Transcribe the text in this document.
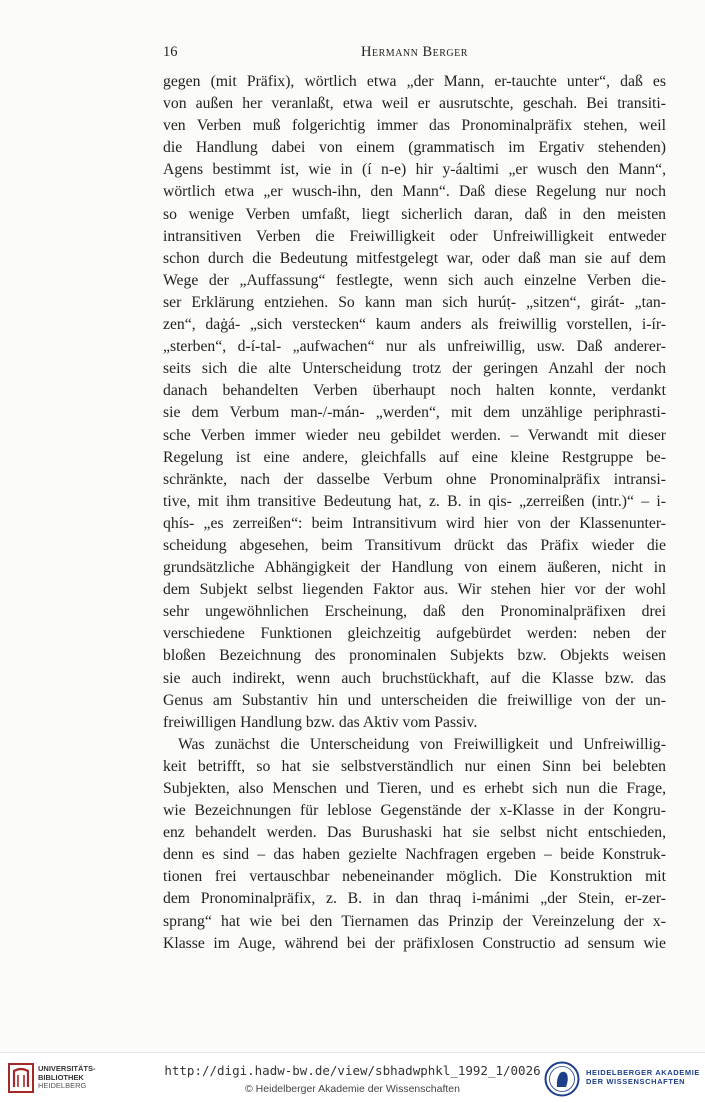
16	Hermann Berger
gegen (mit Präfix), wörtlich etwa „der Mann, er-tauchte unter“, daß es
von außen her veranlaßt, etwa weil er ausrutschte, geschah. Bei transiti-
ven Verben muß folgerichtig immer das Pronominalpräfix stehen, weil
die Handlung dabei von einem (grammatisch im Ergativ stehenden)
Agens bestimmt ist, wie in (í n-e) hir y-áaltimi „er wusch den Mann“,
wörtlich etwa „er wusch-ihn, den Mann“. Daß diese Regelung nur noch
so wenige Verben umfaßt, liegt sicherlich daran, daß in den meisten
intransitiven Verben die Freiwilligkeit oder Unfreiwilligkeit entweder
schon durch die Bedeutung mitfestgelegt war, oder daß man sie auf dem
Wege der „Auffassung“ festlegte, wenn sich auch einzelne Verben die-
ser Erklärung entziehen. So kann man sich hurúṭ- „sitzen“, girát- „tan-
zen“, daġá- „sich verstecken“ kaum anders als freiwillig vorstellen, i-ír-
„sterben“, d-í-tal- „aufwachen“ nur als unfreiwillig, usw. Daß anderer-
seits sich die alte Unterscheidung trotz der geringen Anzahl der noch
danach behandelten Verben überhaupt noch halten konnte, verdankt
sie dem Verbum man-/-mán- „werden“, mit dem unzählige periphrasti-
sche Verben immer wieder neu gebildet werden. – Verwandt mit dieser
Regelung ist eine andere, gleichfalls auf eine kleine Restgruppe be-
schränkte, nach der dasselbe Verbum ohne Pronominalpräfix intransi-
tive, mit ihm transitive Bedeutung hat, z. B. in qis- „zerreißen (intr.)“ – i-
qhís- „es zerreißen“: beim Intransitivum wird hier von der Klassenunter-
scheidung abgesehen, beim Transitivum drückt das Präfix wieder die
grundsätzliche Abhängigkeit der Handlung von einem äußeren, nicht in
dem Subjekt selbst liegenden Faktor aus. Wir stehen hier vor der wohl
sehr ungewöhnlichen Erscheinung, daß den Pronominalpräfixen drei
verschiedene Funktionen gleichzeitig aufgebürdet werden: neben der
bloßen Bezeichnung des pronominalen Subjekts bzw. Objekts weisen
sie auch indirekt, wenn auch bruchstückhaft, auf die Klasse bzw. das
Genus am Substantiv hin und unterscheiden die freiwillige von der un-
freiwilligen Handlung bzw. das Aktiv vom Passiv.
Was zunächst die Unterscheidung von Freiwilligkeit und Unfreiwillig-
keit betrifft, so hat sie selbstverständlich nur einen Sinn bei belebten
Subjekten, also Menschen und Tieren, und es erhebt sich nun die Frage,
wie Bezeichnungen für leblose Gegenstände der x-Klasse in der Kongru-
enz behandelt werden. Das Burushaski hat sie selbst nicht entschieden,
denn es sind – das haben gezielte Nachfragen ergeben – beide Konstruk-
tionen frei vertauschbar nebeneinander möglich. Die Konstruktion mit
dem Pronominalpräfix, z. B. in dan thraq i-mánimi „der Stein, er-zer-
sprang“ hat wie bei den Tiernamen das Prinzip der Vereinzelung der x-
Klasse im Auge, während bei der präfixlosen Constructio ad sensum wie
UNIVERSITÄTS-
BIBLIOTHEK
HEIDELBERG
http://digi.hadw-bw.de/view/sbhadwphkl_1992_1/0026
© Heidelberger Akademie der Wissenschaften
HEIDELBERGER AKADEMIE
DER WISSENSCHAFTEN
